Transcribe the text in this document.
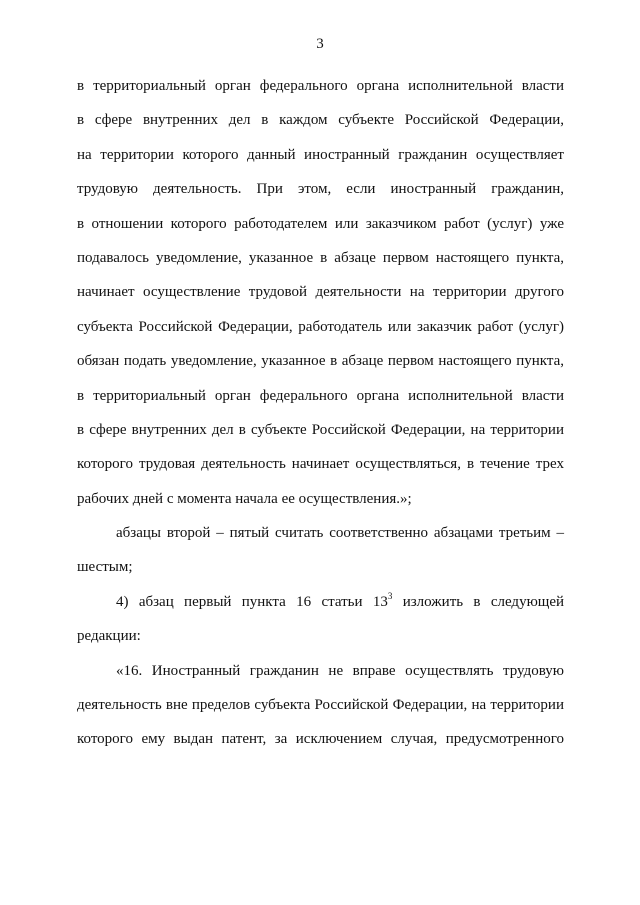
3
в территориальный орган федерального органа исполнительной власти
в сфере внутренних дел в каждом субъекте Российской Федерации,
на территории которого данный иностранный гражданин осуществляет
трудовую деятельность. При этом, если иностранный гражданин,
в отношении которого работодателем или заказчиком работ (услуг) уже
подавалось уведомление, указанное в абзаце первом настоящего пункта,
начинает осуществление трудовой деятельности на территории другого
субъекта Российской Федерации, работодатель или заказчик работ (услуг)
обязан подать уведомление, указанное в абзаце первом настоящего пункта,
в территориальный орган федерального органа исполнительной власти
в сфере внутренних дел в субъекте Российской Федерации, на территории
которого трудовая деятельность начинает осуществляться, в течение трех
рабочих дней с момента начала ее осуществления.»;
абзацы второй – пятый считать соответственно абзацами третьим –
шестым;
4) абзац первый пункта 16 статьи $13^3$ изложить в следующей
редакции:
«16. Иностранный гражданин не вправе осуществлять трудовую
деятельность вне пределов субъекта Российской Федерации, на территории
которого ему выдан патент, за исключением случая, предусмотренного
